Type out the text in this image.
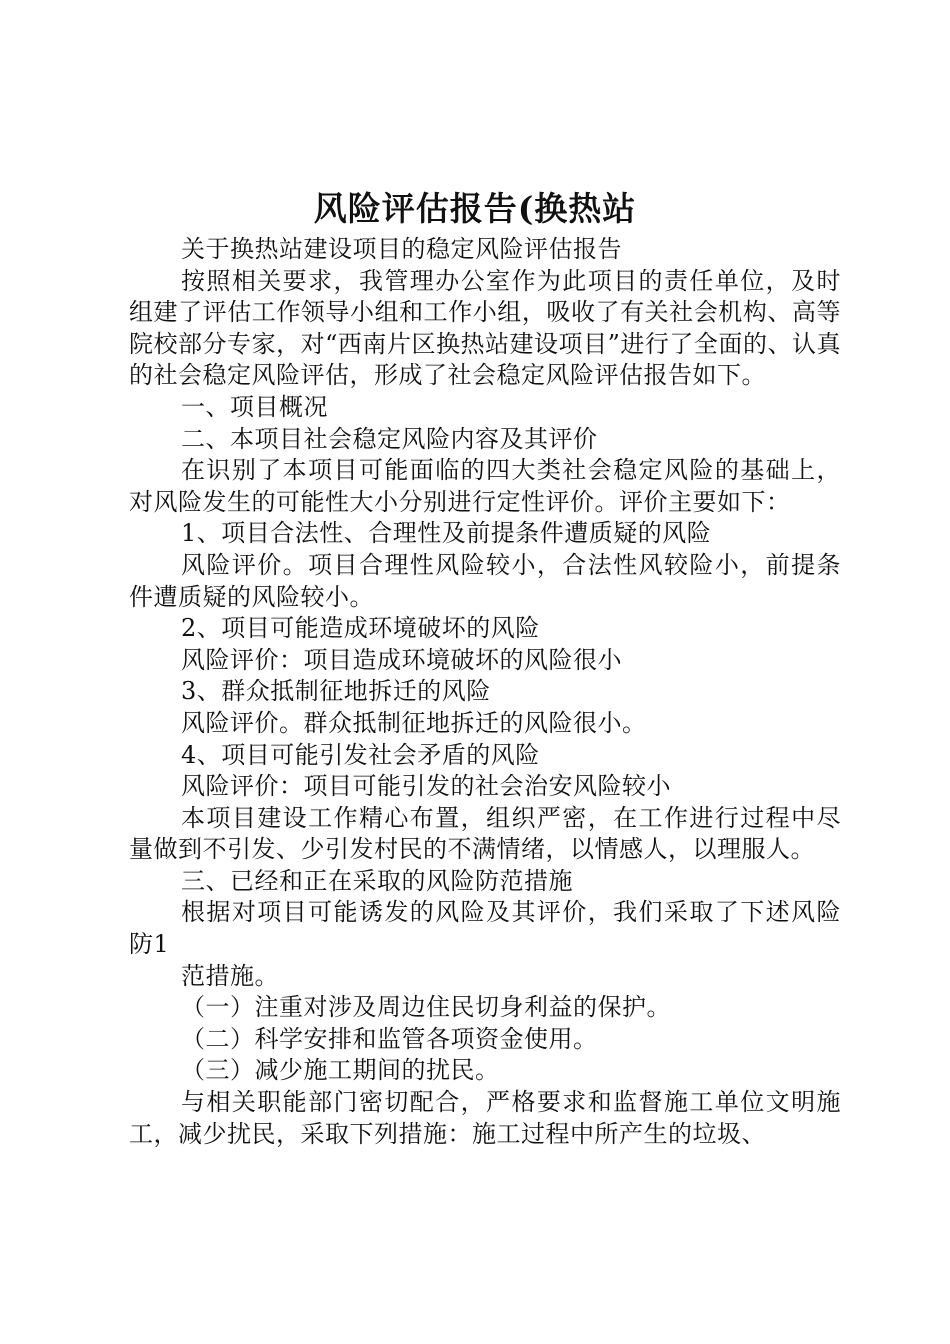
风险评估报告(换热站

关于换热站建设项目的稳定风险评估报告

按照相关要求，我管理办公室作为此项目的责任单位，及时组建了评估工作领导小组和工作小组，吸收了有关社会机构、高等院校部分专家，对“西南片区换热站建设项目”进行了全面的、认真的社会稳定风险评估，形成了社会稳定风险评估报告如下。

一、项目概况

二、本项目社会稳定风险内容及其评价

在识别了本项目可能面临的四大类社会稳定风险的基础上，对风险发生的可能性大小分别进行定性评价。评价主要如下：

1、项目合法性、合理性及前提条件遭质疑的风险

风险评价。项目合理性风险较小，合法性风较险小，前提条件遭质疑的风险较小。

2、项目可能造成环境破坏的风险

风险评价：项目造成环境破坏的风险很小

3、群众抵制征地拆迁的风险

风险评价。群众抵制征地拆迁的风险很小。

4、项目可能引发社会矛盾的风险

风险评价：项目可能引发的社会治安风险较小

本项目建设工作精心布置，组织严密，在工作进行过程中尽量做到不引发、少引发村民的不满情绪，以情感人，以理服人。

三、已经和正在采取的风险防范措施

根据对项目可能诱发的风险及其评价，我们采取了下述风险防1

范措施。

（一）注重对涉及周边住民切身利益的保护。

（二）科学安排和监管各项资金使用。

（三）减少施工期间的扰民。

与相关职能部门密切配合，严格要求和监督施工单位文明施工，减少扰民，采取下列措施：施工过程中所产生的垃圾、
